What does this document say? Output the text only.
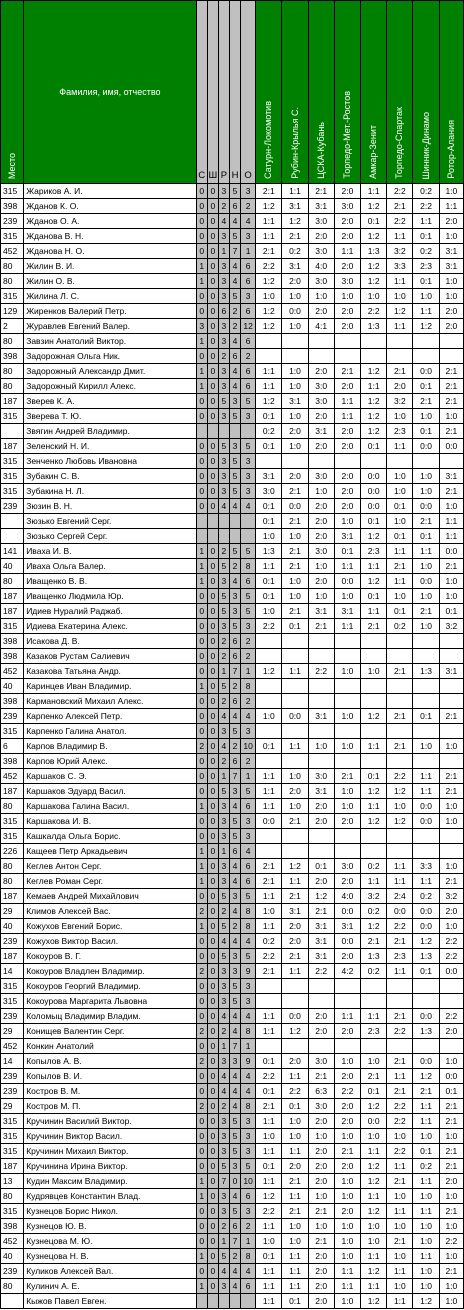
Место	Фамилия, имя, отчество	С	Ш	Р	Н	О	Сатурн-Локомотив	Рубин-Крылья С.	ЦСКА-Кубань	Торпедо-Мет.-Ростов	Амкар-Зенит	Торпедо-Спартак	Шинник-Динамо	Ротор-Алания
315	Жариков А. И.	0	0	3	5	3	2:1	1:1	2:1	2:0	1:1	2:2	0:2	1:0
398	Жданов К. О.	0	0	2	6	2	1:2	3:1	3:1	3:0	1:2	2:1	2:2	1:1
239	Жданов О. А.	0	0	4	4	4	1:1	1:2	3:0	2:0	0:1	2:2	1:1	2:0
315	Жданова В. Н.	0	0	3	5	3	1:1	2:1	2:0	2:0	1:2	1:1	0:1	1:0
452	Жданова Н. О.	0	0	1	7	1	2:1	0:2	3:0	1:1	1:3	3:2	0:2	3:1
80	Жилин В. И.	1	0	3	4	6	2:2	3:1	4:0	2:0	1:2	3:3	2:3	3:1
80	Жилин О. В.	1	0	3	4	6	1:2	2:0	3:0	3:0	1:2	1:1	0:1	1:0
315	Жилина Л. С.	0	0	3	5	3	1:0	1:0	1:0	1:0	1:0	1:0	1:0	1:0
129	Жиренков Валерий Петр.	0	0	6	2	6	1:2	0:0	2:0	2:0	2:2	1:2	1:1	2:0
2	Журавлев Евгений Валер.	3	0	3	2	12	1:2	1:0	4:1	2:0	1:3	1:1	1:2	2:0
80	Завзин Анатолий Виктор.	1	0	3	4	6								
398	Задорожная Ольга Ник.	0	0	2	6	2								
80	Задорожный Александр Дмит.	1	0	3	4	6	1:1	1:0	2:0	2:1	1:2	2:1	0:0	2:1
80	Задорожный Кирилл Алекс.	1	0	3	4	6	1:1	1:0	3:0	2:0	1:1	2:0	0:1	2:1
187	Зверев К. А.	0	0	5	3	5	1:2	3:1	3:0	1:1	1:2	3:2	2:1	2:1
315	Зверева Т. Ю.	0	0	3	5	3	0:1	1:0	2:0	1:1	1:2	1:0	1:0	1:0
	Звягин Андрей Владимир.						0:2	2:0	3:1	2:0	1:2	2:3	0:1	2:1
187	Зеленский Н. И.	0	0	5	3	5	0:1	1:0	2:0	2:0	0:1	1:1	0:0	0:0
315	Зенченко Любовь Ивановна	0	0	3	5	3								
315	Зубакин С. В.	0	0	3	5	3	3:1	2:0	3:0	2:0	0:0	1:0	1:0	3:1
315	Зубакина Н. Л.	0	0	3	5	3	3:0	2:1	1:0	2:0	0:0	1:0	1:0	2:1
239	Зюзин В. Н.	0	0	4	4	4	0:1	0:0	2:0	2:0	0:0	0:1	0:0	1:0
	Зюзько Евгений Серг.						0:1	2:1	2:0	1:0	0:1	1:0	2:1	1:1
	Зюзько Сергей Серг.						1:0	1:0	2:0	3:1	1:2	0:1	0:1	1:1
141	Иваха И. В.	1	0	2	5	5	1:3	2:1	3:0	0:1	2:3	1:1	1:1	0:0
40	Иваха Ольга Валер.	1	0	5	2	8	1:1	2:1	1:0	1:1	1:1	2:1	1:0	2:1
80	Иващенко В. В.	1	0	3	4	6	0:1	1:0	2:0	0:0	1:2	1:1	0:0	1:0
187	Иващенко Людмила Юр.	0	0	5	3	5	0:1	1:0	1:0	1:0	0:1	1:0	1:0	1:0
187	Идиев Нуралий Раджаб.	0	0	5	3	5	1:0	2:1	3:1	3:1	1:1	0:1	2:1	0:1
315	Идиева Екатерина Алекс.	0	0	3	5	3	2:2	0:1	2:1	1:1	2:1	0:2	1:0	3:2
398	Исакова Д. В.	0	0	2	6	2								
398	Казаков Рустам Салиевич	0	0	2	6	2								
452	Казакова Татьяна Андр.	0	0	1	7	1	1:2	1:1	2:2	1:0	1:0	2:1	1:3	3:1
40	Каринцев Иван Владимир.	1	0	5	2	8								
398	Кармановский Михаил Алекс.	0	0	2	6	2								
239	Карпенко Алексей Петр.	0	0	4	4	4	1:0	0:0	3:1	1:0	1:2	2:1	0:1	2:1
315	Карпенко Галина Анатол.	0	0	3	5	3								
6	Карпов Владимир В.	2	0	4	2	10	0:1	1:1	1:0	1:0	1:1	2:1	1:0	1:0
398	Карпов Юрий Алекс.	0	0	2	6	2								
452	Каршаков С. Э.	0	0	1	7	1	1:1	1:0	3:0	2:1	0:1	2:2	1:1	2:1
187	Каршаков Эдуард Васил.	0	0	5	3	5	1:1	2:0	3:1	1:0	1:2	1:2	1:1	2:1
80	Каршакова Галина Васил.	1	0	3	4	6	1:1	1:0	2:0	1:0	1:1	1:0	0:0	1:0
315	Каршакова И. В.	0	0	3	5	3	0:0	2:1	2:0	2:0	1:2	1:2	0:0	1:0
315	Кашкалда Ольга Борис.	0	0	3	5	3								
226	Кащеев Петр Аркадьевич	1	0	1	6	4								
80	Кеглев Антон Серг.	1	0	3	4	6	2:1	1:2	0:1	3:0	0:2	1:1	3:3	1:0
80	Кеглев Роман Серг.	1	0	3	4	6	2:1	1:1	2:0	2:0	1:1	1:1	1:1	2:1
187	Кемаев Андрей Михайлович	0	0	5	3	5	1:1	2:1	1:2	4:0	3:2	2:4	0:2	3:2
29	Климов Алексей Вас.	2	0	2	4	8	1:0	3:1	2:1	0:0	0:2	0:0	0:0	2:0
40	Кожухов Евгений Борис.	1	0	5	2	8	1:1	2:0	3:1	3:1	1:2	2:2	0:0	1:0
239	Кожухов Виктор Васил.	0	0	4	4	4	0:2	2:0	3:1	0:0	2:1	2:1	1:2	2:2
187	Кокоуров В. Г.	0	0	5	3	5	2:2	2:1	3:1	2:0	1:3	2:3	1:3	2:2
14	Кокоуров Владлен Владимир.	2	0	3	3	9	2:1	1:1	2:2	4:2	0:2	1:1	0:1	0:0
315	Кокоуров Георгий Владимир.	0	0	3	5	3								
315	Кокоурова Маргарита Львовна	0	0	3	5	3								
239	Коломыц Владимир Владим.	0	0	4	4	4	1:1	0:0	2:0	1:1	1:1	2:1	0:0	2:2
29	Конищев Валентин Серг.	2	0	2	4	8	1:1	1:2	2:0	2:0	2:3	2:2	1:3	2:0
452	Конкин Анатолий	0	0	1	7	1								
14	Копылов А. В.	2	0	3	3	9	0:1	2:0	3:0	1:0	1:0	2:1	0:0	1:0
239	Копылов В. И.	0	0	4	4	4	2:2	1:1	2:1	2:0	2:1	1:1	1:2	0:0
239	Костров В. М.	0	0	4	4	4	0:1	2:2	6:3	2:2	0:1	2:1	2:1	0:1
29	Костров М. П.	2	0	2	4	8	2:1	0:1	3:0	2:0	1:2	2:2	1:1	2:1
315	Кручинин Василий Виктор.	0	0	3	5	3	1:1	1:0	2:0	2:0	0:0	2:2	1:1	2:1
315	Кручинин Виктор Васил.	0	0	3	5	3	1:0	1:0	1:0	1:0	1:0	1:0	1:0	1:0
315	Кручинин Михаил Виктор.	0	0	3	5	3	1:1	1:1	2:0	2:1	1:1	2:2	0:1	2:1
187	Кручинина Ирина Виктор.	0	0	5	3	5	0:1	2:0	2:0	2:0	1:2	1:1	0:2	2:1
13	Кудин Максим Владимир.	1	0	7	0	10	1:1	2:1	2:0	1:0	1:2	2:1	1:1	2:0
80	Кудрявцев Константин Влад.	1	0	3	4	6	1:2	1:1	1:0	1:0	1:1	1:0	1:0	1:0
315	Кузнецов Борис Никол.	0	0	3	5	3	2:2	2:1	2:1	2:0	1:2	1:1	1:1	2:1
398	Кузнецов Ю. В.	0	0	2	6	2	1:1	1:0	1:0	1:0	1:0	1:0	1:0	1:0
452	Кузнецова М. Ю.	0	0	1	7	1	1:0	1:0	2:1	1:0	1:0	2:1	1:0	2:2
40	Кузнецова Н. В.	1	0	5	2	8	0:1	1:1	2:0	1:0	1:1	1:0	1:1	1:0
239	Куликов Алексей Вал.	0	0	4	4	4	1:1	1:1	2:0	1:1	1:2	1:1	1:0	2:1
80	Кулинич А. Е.	1	0	3	4	6	1:1	1:1	2:0	1:1	1:1	1:0	1:0	1:0
	Кыжов Павел Евген.						1:1	0:1	2:0	1:0	1:2	1:1	1:2	1:0
